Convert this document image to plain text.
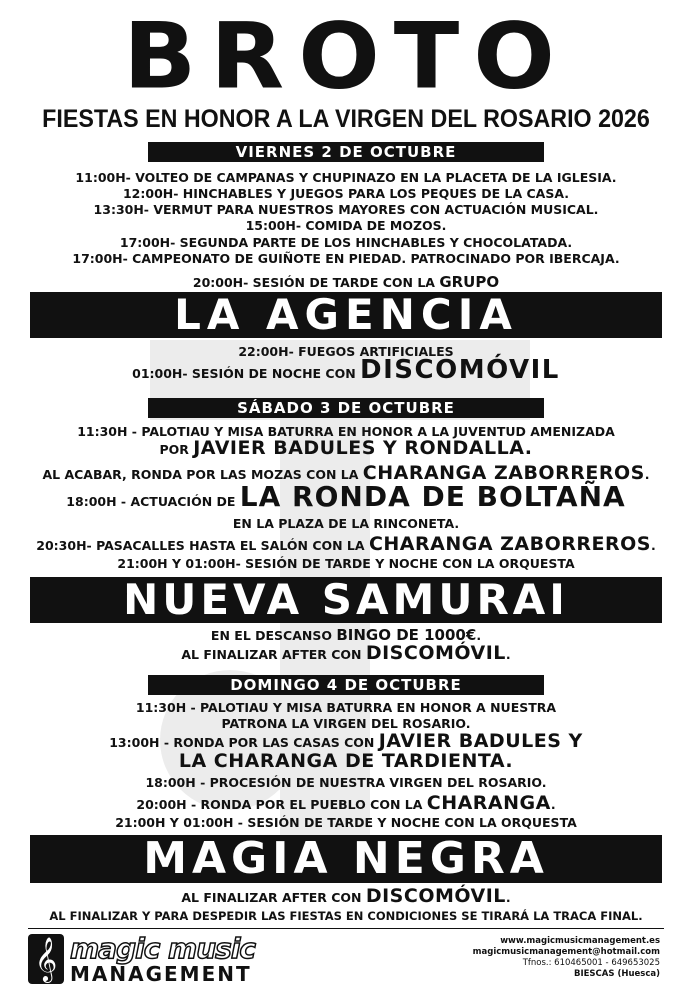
BROTO
FIESTAS EN HONOR A LA VIRGEN DEL ROSARIO 2026
VIERNES 2 DE OCTUBRE
11:00H- VOLTEO DE CAMPANAS Y CHUPINAZO EN LA PLACETA DE LA IGLESIA.
12:00H- HINCHABLES Y JUEGOS PARA LOS PEQUES DE LA CASA.
13:30H- VERMUT PARA NUESTROS MAYORES CON ACTUACIÓN MUSICAL.
15:00H- COMIDA DE MOZOS.
17:00H- SEGUNDA PARTE DE LOS HINCHABLES Y CHOCOLATADA.
17:00H- CAMPEONATO DE GUIÑOTE EN PIEDAD. PATROCINADO POR IBERCAJA.
20:00H- SESIÓN DE TARDE CON LA GRUPO
LA AGENCIA
22:00H- FUEGOS ARTIFICIALES
01:00H- SESIÓN DE NOCHE CON DISCOMÓVIL
SÁBADO 3 DE OCTUBRE
11:30H - PALOTIAU Y MISA BATURRA EN HONOR A LA JUVENTUD AMENIZADA
POR JAVIER BADULES Y RONDALLA.
AL ACABAR, RONDA POR LAS MOZAS CON LA CHARANGA ZABORREROS.
18:00H - ACTUACIÓN DE LA RONDA DE BOLTAÑA
EN LA PLAZA DE LA RINCONETA.
20:30H- PASACALLES HASTA EL SALÓN CON LA CHARANGA ZABORREROS.
21:00H Y 01:00H- SESIÓN DE TARDE Y NOCHE CON LA ORQUESTA
NUEVA SAMURAI
EN EL DESCANSO BINGO DE 1000€.
AL FINALIZAR AFTER CON DISCOMÓVIL.
DOMINGO 4 DE OCTUBRE
11:30H - PALOTIAU Y MISA BATURRA EN HONOR A NUESTRA
PATRONA LA VIRGEN DEL ROSARIO.
13:00H - RONDA POR LAS CASAS CON JAVIER BADULES Y
LA CHARANGA DE TARDIENTA.
18:00H - PROCESIÓN DE NUESTRA VIRGEN DEL ROSARIO.
20:00H - RONDA POR EL PUEBLO CON LA CHARANGA.
21:00H Y 01:00H - SESIÓN DE TARDE Y NOCHE CON LA ORQUESTA
MAGIA NEGRA
AL FINALIZAR AFTER CON DISCOMÓVIL.
AL FINALIZAR Y PARA DESPEDIR LAS FIESTAS EN CONDICIONES SE TIRARÁ LA TRACA FINAL.
𝄞 magic music
MANAGEMENT
www.magicmusicmanagement.es
magicmusicmanagement@hotmail.com
Tfnos.: 610465001 - 649653025
BIESCAS (Huesca)
